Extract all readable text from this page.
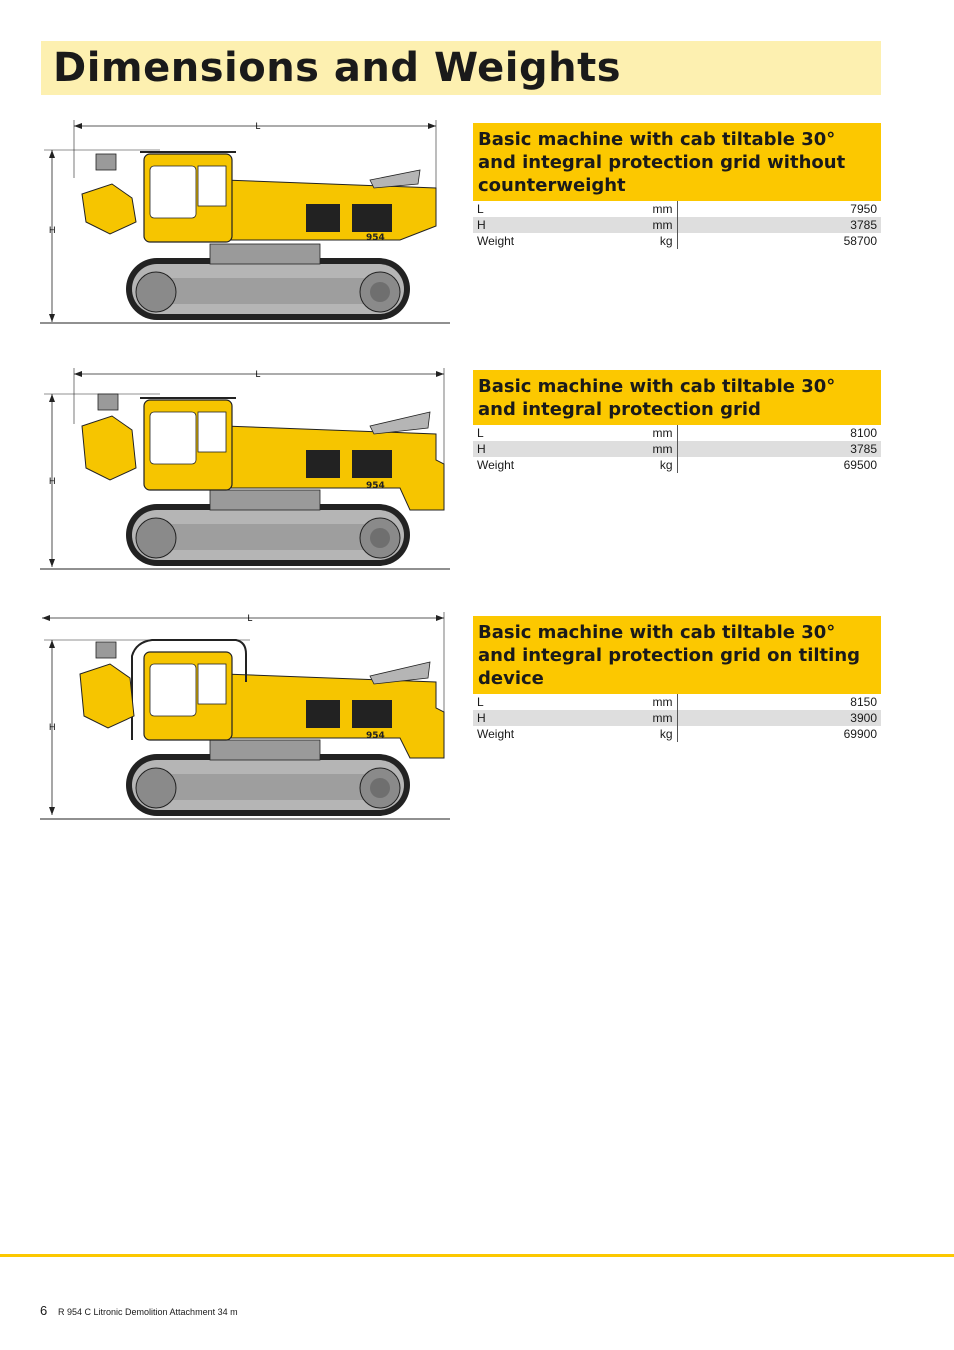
Dimensions and Weights
L
H
954
Basic machine with cab tiltable 30° and integral protection grid without counterweight
L	mm	7950
H	mm	3785
Weight	kg	58700
L
H	954
Basic machine with cab tiltable 30° and integral protection grid
L	mm	8100
H	mm	3785
Weight	kg	69500
L
H
954
Basic machine with cab tiltable 30° and integral protection grid on tilting device
L	mm	8150
H	mm	3900
Weight	kg	69900
6 R 954 C Litronic Demolition Attachment 34 m
